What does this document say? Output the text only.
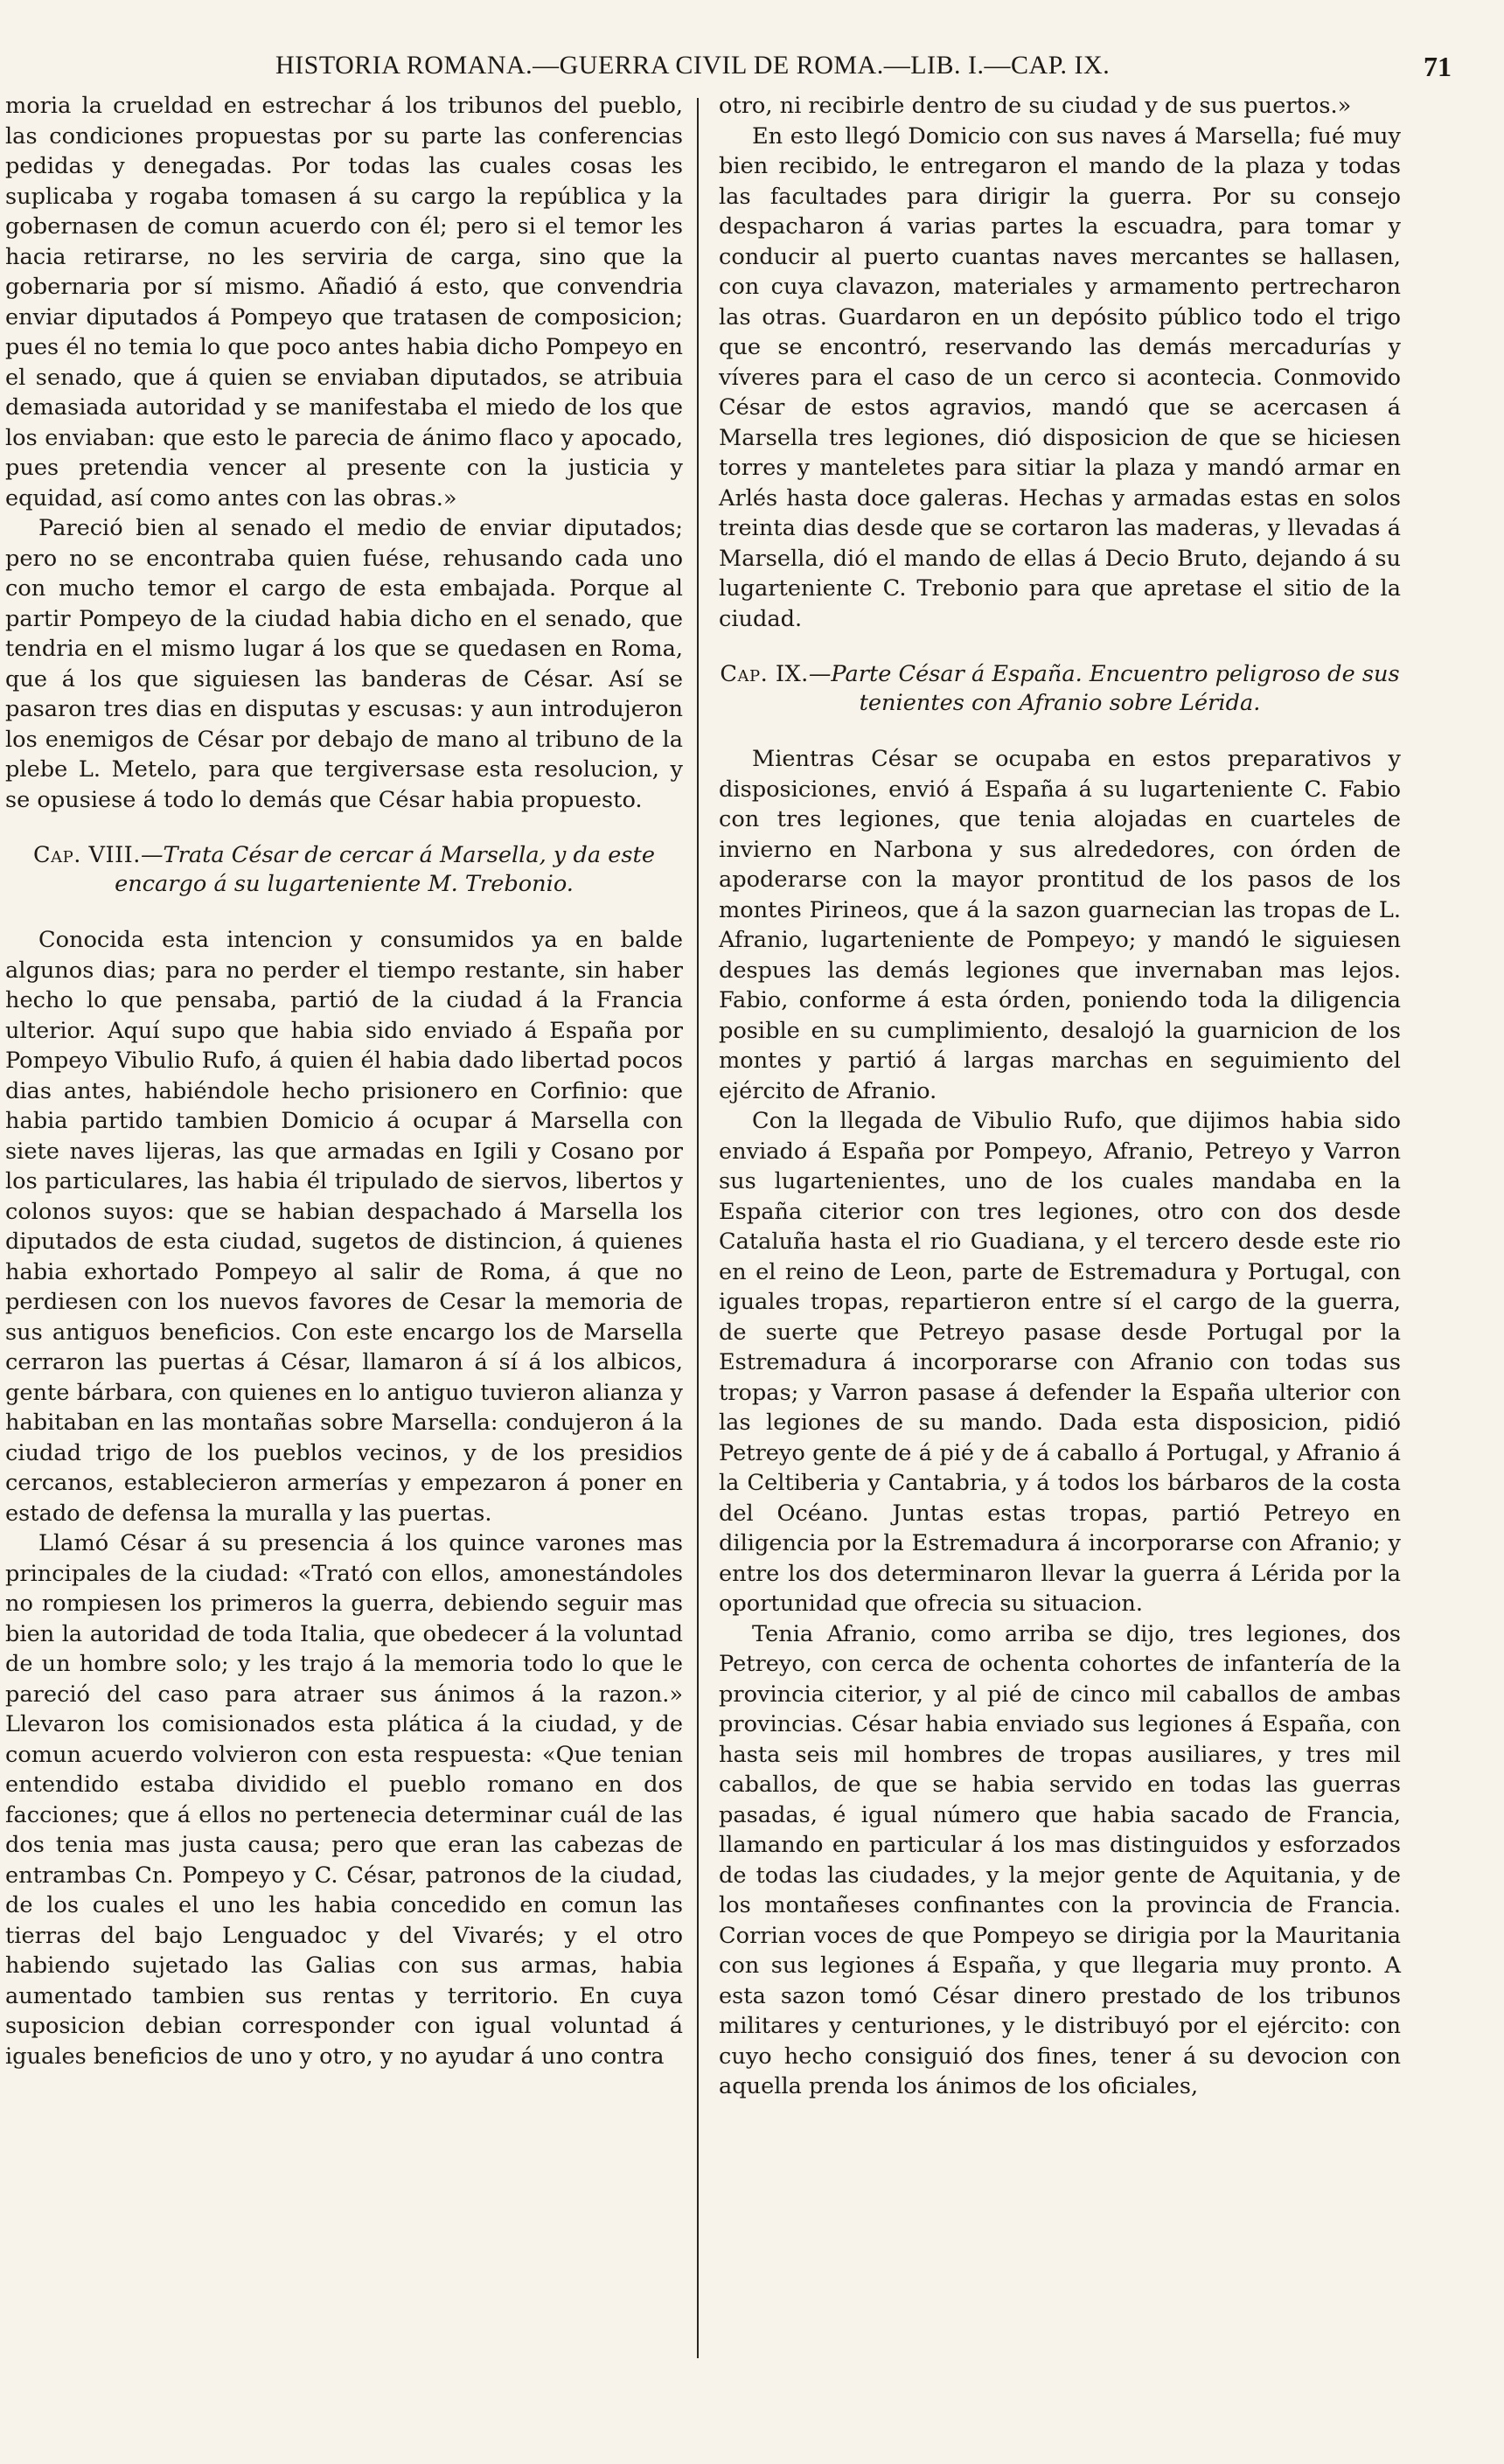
HISTORIA ROMANA.—GUERRA CIVIL DE ROMA.—LIB. I.—CAP. IX.	71

moria la crueldad en estrechar á los tribunos del pueblo, las condiciones propuestas por su parte las conferencias pedidas y denegadas. Por todas las cuales cosas les suplicaba y rogaba tomasen á su cargo la república y la gobernasen de comun acuerdo con él; pero si el temor les hacia retirarse, no les serviria de carga, sino que la gobernaria por sí mismo. Añadió á esto, que convendria enviar diputados á Pompeyo que tratasen de composicion; pues él no temia lo que poco antes habia dicho Pompeyo en el senado, que á quien se enviaban diputados, se atribuia demasiada autoridad y se manifestaba el miedo de los que los enviaban: que esto le parecia de ánimo flaco y apocado, pues pretendia vencer al presente con la justicia y equidad, así como antes con las obras.»

Pareció bien al senado el medio de enviar diputados; pero no se encontraba quien fuése, rehusando cada uno con mucho temor el cargo de esta embajada. Porque al partir Pompeyo de la ciudad habia dicho en el senado, que tendria en el mismo lugar á los que se quedasen en Roma, que á los que siguiesen las banderas de César. Así se pasaron tres dias en disputas y escusas: y aun introdujeron los enemigos de César por debajo de mano al tribuno de la plebe L. Metelo, para que tergiversase esta resolucion, y se opusiese á todo lo demás que César habia propuesto.

Cap. VIII.—Trata César de cercar á Marsella, y da este encargo á su lugarteniente M. Trebonio.

Conocida esta intencion y consumidos ya en balde algunos dias; para no perder el tiempo restante, sin haber hecho lo que pensaba, partió de la ciudad á la Francia ulterior. Aquí supo que habia sido enviado á España por Pompeyo Vibulio Rufo, á quien él habia dado libertad pocos dias antes, habiéndole hecho prisionero en Corfinio: que habia partido tambien Domicio á ocupar á Marsella con siete naves lijeras, las que armadas en Igili y Cosano por los particulares, las habia él tripulado de siervos, libertos y colonos suyos: que se habian despachado á Marsella los diputados de esta ciudad, sugetos de distincion, á quienes habia exhortado Pompeyo al salir de Roma, á que no perdiesen con los nuevos favores de Cesar la memoria de sus antiguos beneficios. Con este encargo los de Marsella cerraron las puertas á César, llamaron á sí á los albicos, gente bárbara, con quienes en lo antiguo tuvieron alianza y habitaban en las montañas sobre Marsella: condujeron á la ciudad trigo de los pueblos vecinos, y de los presidios cercanos, establecieron armerías y empezaron á poner en estado de defensa la muralla y las puertas.

Llamó César á su presencia á los quince varones mas principales de la ciudad: «Trató con ellos, amonestándoles no rompiesen los primeros la guerra, debiendo seguir mas bien la autoridad de toda Italia, que obedecer á la voluntad de un hombre solo; y les trajo á la memoria todo lo que le pareció del caso para atraer sus ánimos á la razon.» Llevaron los comisionados esta plática á la ciudad, y de comun acuerdo volvieron con esta respuesta: «Que tenian entendido estaba dividido el pueblo romano en dos facciones; que á ellos no pertenecia determinar cuál de las dos tenia mas justa causa; pero que eran las cabezas de entrambas Cn. Pompeyo y C. César, patronos de la ciudad, de los cuales el uno les habia concedido en comun las tierras del bajo Lenguadoc y del Vivarés; y el otro habiendo sujetado las Galias con sus armas, habia aumentado tambien sus rentas y territorio. En cuya suposicion debian corresponder con igual voluntad á iguales beneficios de uno y otro, y no ayudar á uno contra

otro, ni recibirle dentro de su ciudad y de sus puertos.»

En esto llegó Domicio con sus naves á Marsella; fué muy bien recibido, le entregaron el mando de la plaza y todas las facultades para dirigir la guerra. Por su consejo despacharon á varias partes la escuadra, para tomar y conducir al puerto cuantas naves mercantes se hallasen, con cuya clavazon, materiales y armamento pertrecharon las otras. Guardaron en un depósito público todo el trigo que se encontró, reservando las demás mercadurías y víveres para el caso de un cerco si acontecia. Conmovido César de estos agravios, mandó que se acercasen á Marsella tres legiones, dió disposicion de que se hiciesen torres y manteletes para sitiar la plaza y mandó armar en Arlés hasta doce galeras. Hechas y armadas estas en solos treinta dias desde que se cortaron las maderas, y llevadas á Marsella, dió el mando de ellas á Decio Bruto, dejando á su lugarteniente C. Trebonio para que apretase el sitio de la ciudad.

Cap. IX.—Parte César á España. Encuentro peligroso de sus tenientes con Afranio sobre Lérida.

Mientras César se ocupaba en estos preparativos y disposiciones, envió á España á su lugarteniente C. Fabio con tres legiones, que tenia alojadas en cuarteles de invierno en Narbona y sus alrededores, con órden de apoderarse con la mayor prontitud de los pasos de los montes Pirineos, que á la sazon guarnecian las tropas de L. Afranio, lugarteniente de Pompeyo; y mandó le siguiesen despues las demás legiones que invernaban mas lejos. Fabio, conforme á esta órden, poniendo toda la diligencia posible en su cumplimiento, desalojó la guarnicion de los montes y partió á largas marchas en seguimiento del ejército de Afranio.

Con la llegada de Vibulio Rufo, que dijimos habia sido enviado á España por Pompeyo, Afranio, Petreyo y Varron sus lugartenientes, uno de los cuales mandaba en la España citerior con tres legiones, otro con dos desde Cataluña hasta el rio Guadiana, y el tercero desde este rio en el reino de Leon, parte de Estremadura y Portugal, con iguales tropas, repartieron entre sí el cargo de la guerra, de suerte que Petreyo pasase desde Portugal por la Estremadura á incorporarse con Afranio con todas sus tropas; y Varron pasase á defender la España ulterior con las legiones de su mando. Dada esta disposicion, pidió Petreyo gente de á pié y de á caballo á Portugal, y Afranio á la Celtiberia y Cantabria, y á todos los bárbaros de la costa del Océano. Juntas estas tropas, partió Petreyo en diligencia por la Estremadura á incorporarse con Afranio; y entre los dos determinaron llevar la guerra á Lérida por la oportunidad que ofrecia su situacion.

Tenia Afranio, como arriba se dijo, tres legiones, dos Petreyo, con cerca de ochenta cohortes de infantería de la provincia citerior, y al pié de cinco mil caballos de ambas provincias. César habia enviado sus legiones á España, con hasta seis mil hombres de tropas ausiliares, y tres mil caballos, de que se habia servido en todas las guerras pasadas, é igual número que habia sacado de Francia, llamando en particular á los mas distinguidos y esforzados de todas las ciudades, y la mejor gente de Aquitania, y de los montañeses confinantes con la provincia de Francia. Corrian voces de que Pompeyo se dirigia por la Mauritania con sus legiones á España, y que llegaria muy pronto. A esta sazon tomó César dinero prestado de los tribunos militares y centuriones, y le distribuyó por el ejército: con cuyo hecho consiguió dos fines, tener á su devocion con aquella prenda los ánimos de los oficiales,
